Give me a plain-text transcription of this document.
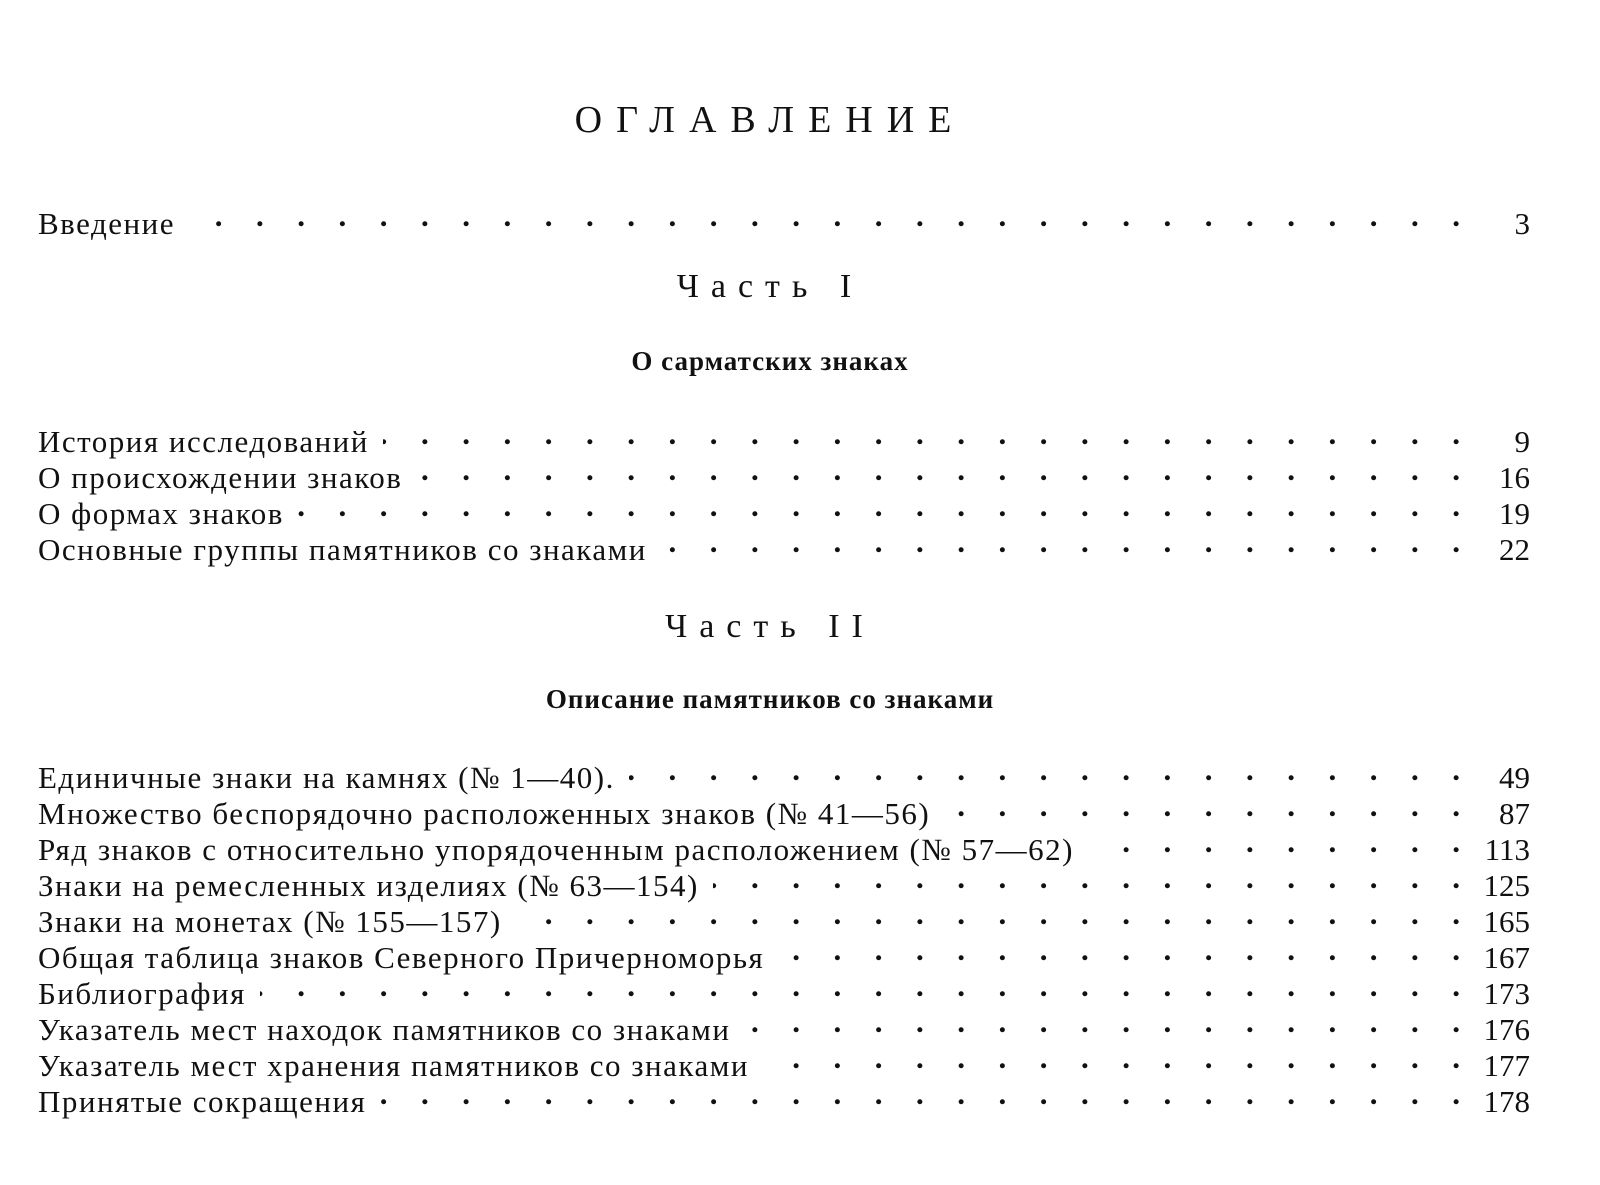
ОГЛАВЛЕНИЕ
Введение . .	3
Часть I
О сарматских знаках
История исследований . .	9
О происхождении знаков . .	16
О формах знаков . .	19
Основные группы памятников со знаками . .	22
Часть II
Описание памятников со знаками
Единичные знаки на камнях (№ 1—40). . .	49
Множество беспорядочно расположенных знаков (№ 41—56) . .	87
Ряд знаков с относительно упорядоченным расположением (№ 57—62) . .	113
Знаки на ремесленных изделиях (№ 63—154) . .	125
Знаки на монетах (№ 155—157) . .	165
Общая таблица знаков Северного Причерноморья . .	167
Библиография . .	173
Указатель мест находок памятников со знаками . .	176
Указатель мест хранения памятников со знаками . .	177
Принятые сокращения . .	178
